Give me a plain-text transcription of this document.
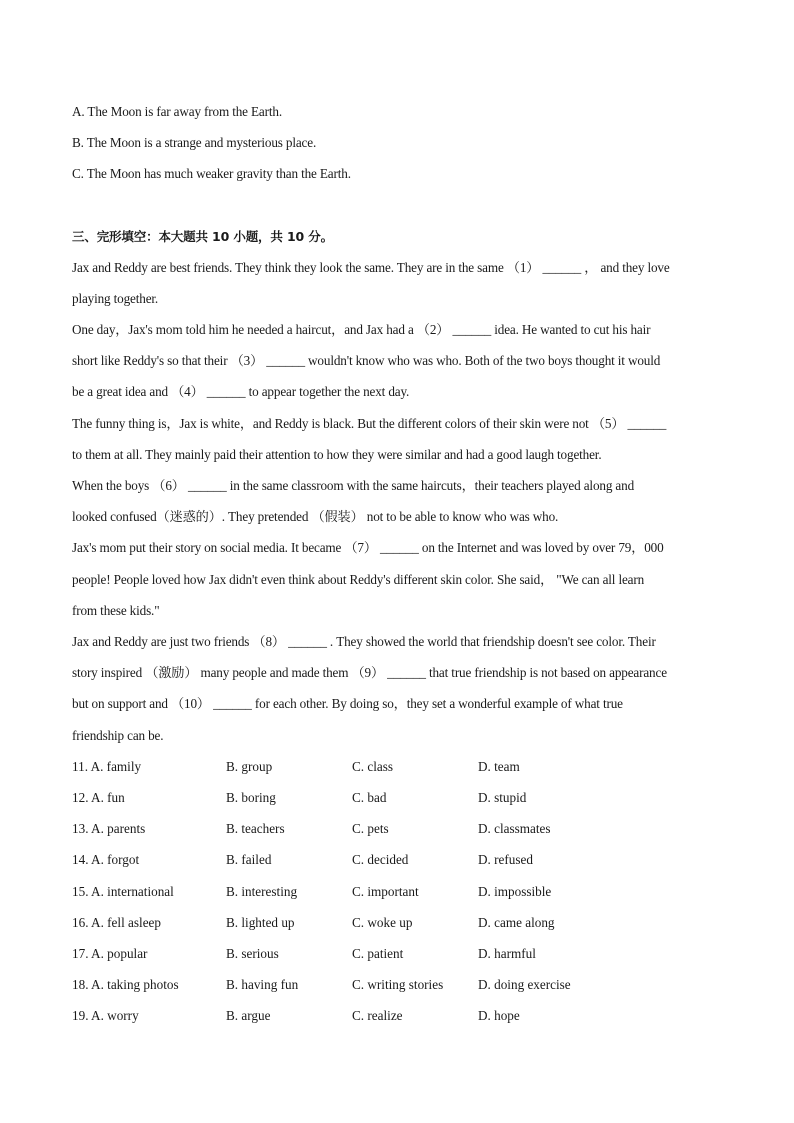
A. The Moon is far away from the Earth.
B. The Moon is a strange and mysterious place.
C. The Moon has much weaker gravity than the Earth.
三、完形填空：本大题共 10 小题，共 10 分。
Jax and Reddy are best friends. They think they look the same. They are in the same （1） ______ ， and they love
playing together.
One day，Jax's mom told him he needed a haircut，and Jax had a （2） ______ idea. He wanted to cut his hair
short like Reddy's so that their （3） ______ wouldn't know who was who. Both of the two boys thought it would
be a great idea and （4） ______ to appear together the next day.
The funny thing is，Jax is white，and Reddy is black. But the different colors of their skin were not （5） ______
to them at all. They mainly paid their attention to how they were similar and had a good laugh together.
When the boys （6） ______ in the same classroom with the same haircuts，their teachers played along and
looked confused（迷惑的）. They pretended （假装） not to be able to know who was who.
Jax's mom put their story on social media. It became （7） ______ on the Internet and was loved by over 79，000
people! People loved how Jax didn't even think about Reddy's different skin color. She said， "We can all learn
from these kids."
Jax and Reddy are just two friends （8） ______ . They showed the world that friendship doesn't see color. Their
story inspired （激励） many people and made them （9） ______ that true friendship is not based on appearance
but on support and （10） ______ for each other. By doing so，they set a wonderful example of what true
friendship can be.
11. A. family	B. group	C. class	D. team
12. A. fun	B. boring	C. bad	D. stupid
13. A. parents	B. teachers	C. pets	D. classmates
14. A. forgot	B. failed	C. decided	D. refused
15. A. international	B. interesting	C. important	D. impossible
16. A. fell asleep	B. lighted up	C. woke up	D. came along
17. A. popular	B. serious	C. patient	D. harmful
18. A. taking photos	B. having fun	C. writing stories	D. doing exercise
19. A. worry	B. argue	C. realize	D. hope
